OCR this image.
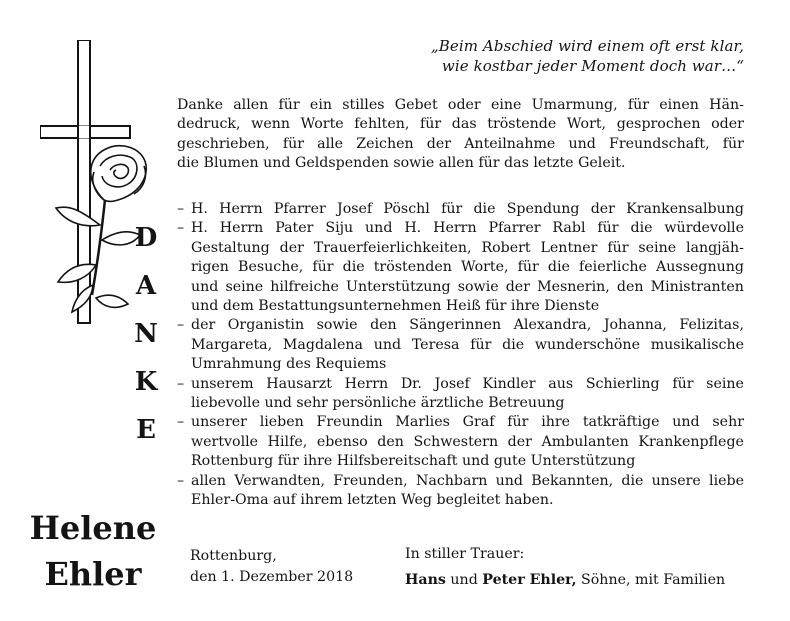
„Beim Abschied wird einem oft erst klar,
wie kostbar jeder Moment doch war…“
Danke allen für ein stilles Gebet oder eine Umarmung, für einen Hän-
dedruck, wenn Worte fehlten, für das tröstende Wort, gesprochen oder
geschrieben, für alle Zeichen der Anteilnahme und Freundschaft, für
die Blumen und Geldspenden sowie allen für das letzte Geleit.
– H. Herrn Pfarrer Josef Pöschl für die Spendung der Krankensalbung
– H. Herrn Pater Siju und H. Herrn Pfarrer Rabl für die würdevolle
Gestaltung der Trauerfeierlichkeiten, Robert Lentner für seine langjäh-
rigen Besuche, für die tröstenden Worte, für die feierliche Aussegnung
und seine hilfreiche Unterstützung sowie der Mesnerin, den Ministranten
und dem Bestattungsunternehmen Heiß für ihre Dienste
– der Organistin sowie den Sängerinnen Alexandra, Johanna, Felizitas,
Margareta, Magdalena und Teresa für die wunderschöne musikalische
Umrahmung des Requiems
– unserem Hausarzt Herrn Dr. Josef Kindler aus Schierling für seine
liebevolle und sehr persönliche ärztliche Betreuung
– unserer lieben Freundin Marlies Graf für ihre tatkräftige und sehr
wertvolle Hilfe, ebenso den Schwestern der Ambulanten Krankenpflege
Rottenburg für ihre Hilfsbereitschaft und gute Unterstützung
– allen Verwandten, Freunden, Nachbarn und Bekannten, die unsere liebe
Ehler-Oma auf ihrem letzten Weg begleitet haben.
D
A
N
K
E
Helene
Ehler	Rottenburg,
den 1. Dezember 2018
In stiller Trauer:
Hans und Peter Ehler, Söhne, mit Familien
